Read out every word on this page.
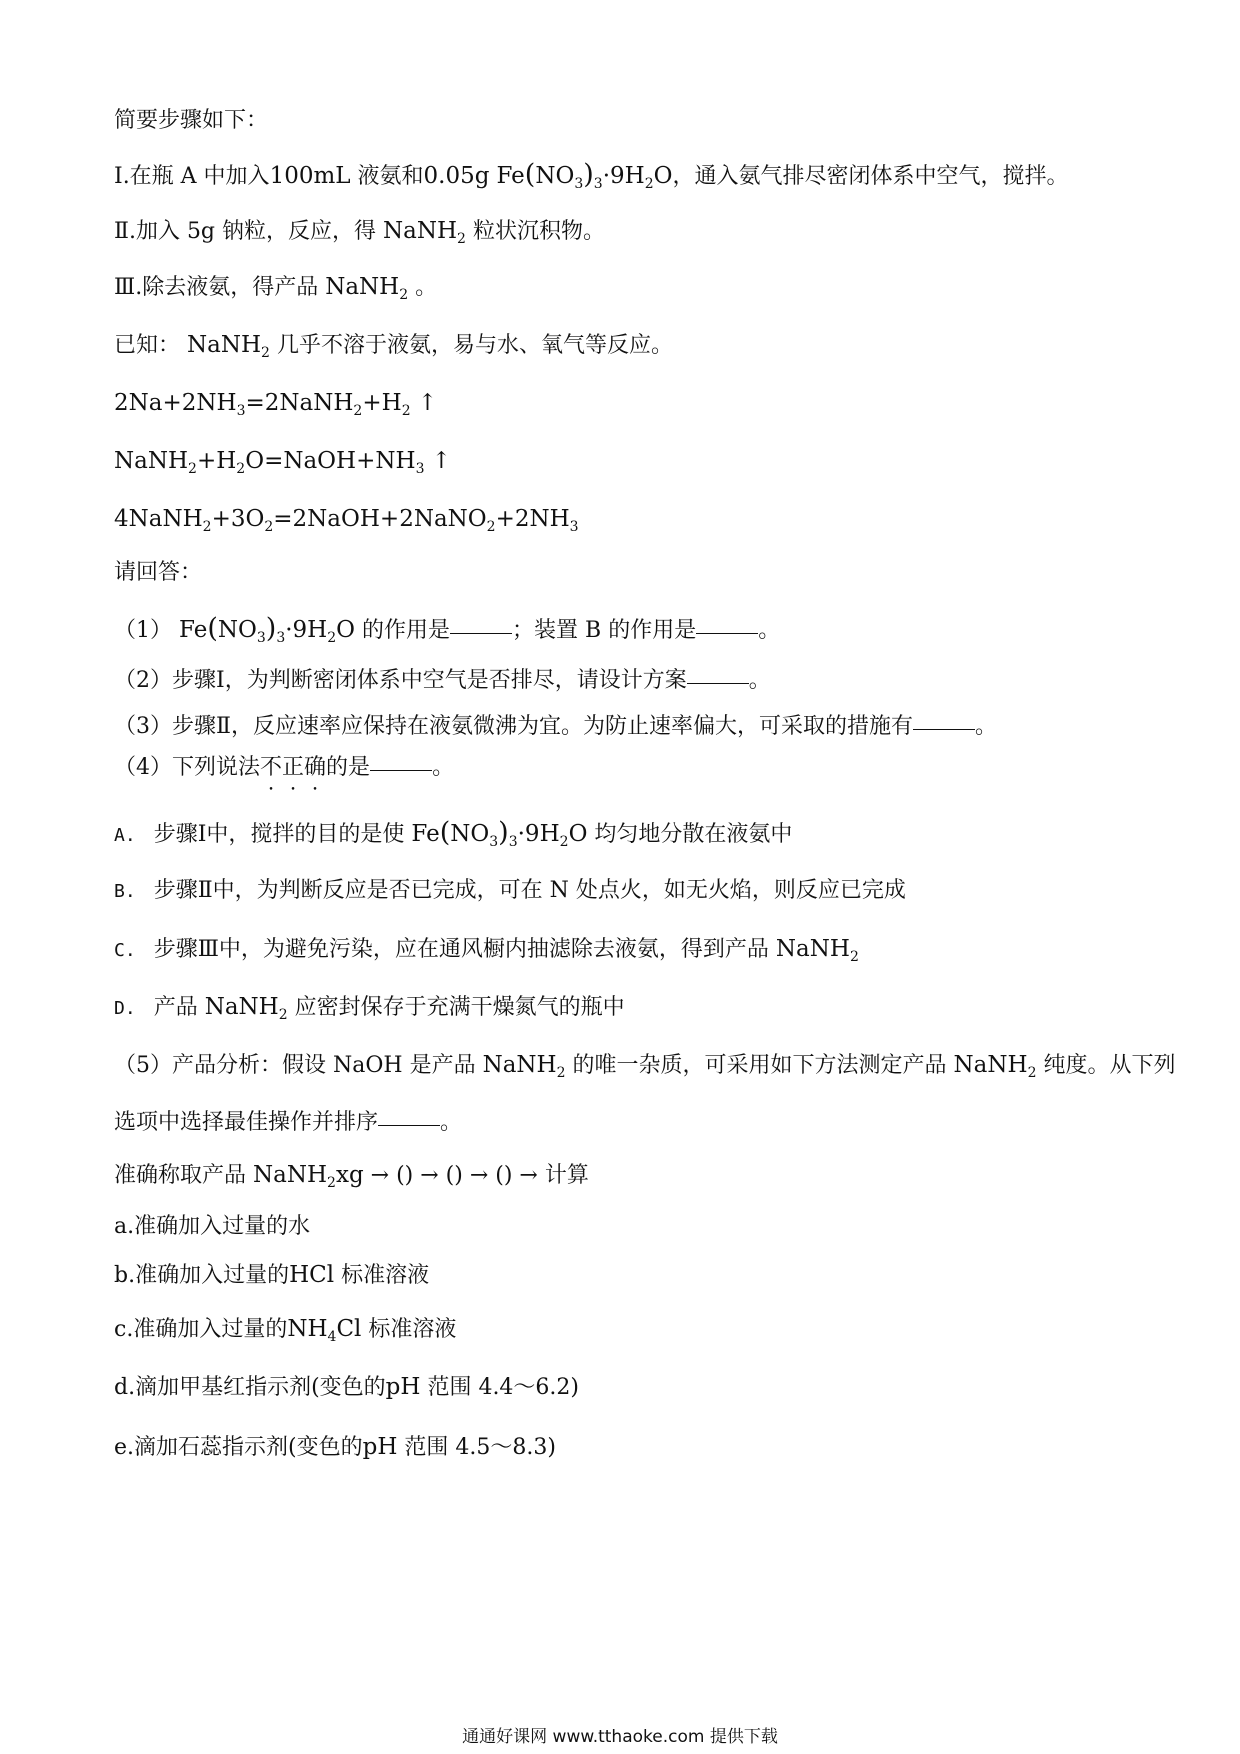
简要步骤如下：
Ⅰ.在瓶 A 中加入100mL 液氨和0.05g $Fe(NO_3)_3\cdot 9H_2O$，通入氨气排尽密闭体系中空气，搅拌。
Ⅱ.加入 5g 钠粒，反应，得 NaNH$_2$ 粒状沉积物。
Ⅲ.除去液氨，得产品 NaNH$_2$ 。
已知： NaNH$_2$ 几乎不溶于液氨，易与水、氧气等反应。
$2Na+2NH_3=2NaNH_2+H_2$ ↑
$NaNH_2+H_2O=NaOH+NH_3$ ↑
$4NaNH_2+3O_2=2NaOH+2NaNO_2+2NH_3$
请回答：
（1） $Fe(NO_3)_3\cdot 9H_2O$ 的作用是	；装置 B 的作用是	。
（2）步骤Ⅰ，为判断密闭体系中空气是否排尽，请设计方案	。
（3）步骤Ⅱ，反应速率应保持在液氨微沸为宜。为防止速率偏大，可采取的措施有	。
（4）下列说法不正确的是	。
A. 步骤Ⅰ中，搅拌的目的是使 $Fe(NO_3)_3\cdot 9H_2O$ 均匀地分散在液氨中
B. 步骤Ⅱ中，为判断反应是否已完成，可在 N 处点火，如无火焰，则反应已完成
C. 步骤Ⅲ中，为避免污染，应在通风橱内抽滤除去液氨，得到产品 NaNH$_2$
D. 产品 NaNH$_2$ 应密封保存于充满干燥氮气的瓶中
（5）产品分析：假设 NaOH 是产品 NaNH$_2$ 的唯一杂质，可采用如下方法测定产品 NaNH$_2$ 纯度。从下列
选项中选择最佳操作并排序	。
准确称取产品 NaNH$_2$xg → () → () → () → 计算
a.准确加入过量的水
b.准确加入过量的HCl 标准溶液
c.准确加入过量的$NH_4Cl$ 标准溶液
d.滴加甲基红指示剂(变色的pH 范围 4.4～6.2)
e.滴加石蕊指示剂(变色的pH 范围 4.5～8.3)
通通好课网 www.tthaoke.com 提供下载
